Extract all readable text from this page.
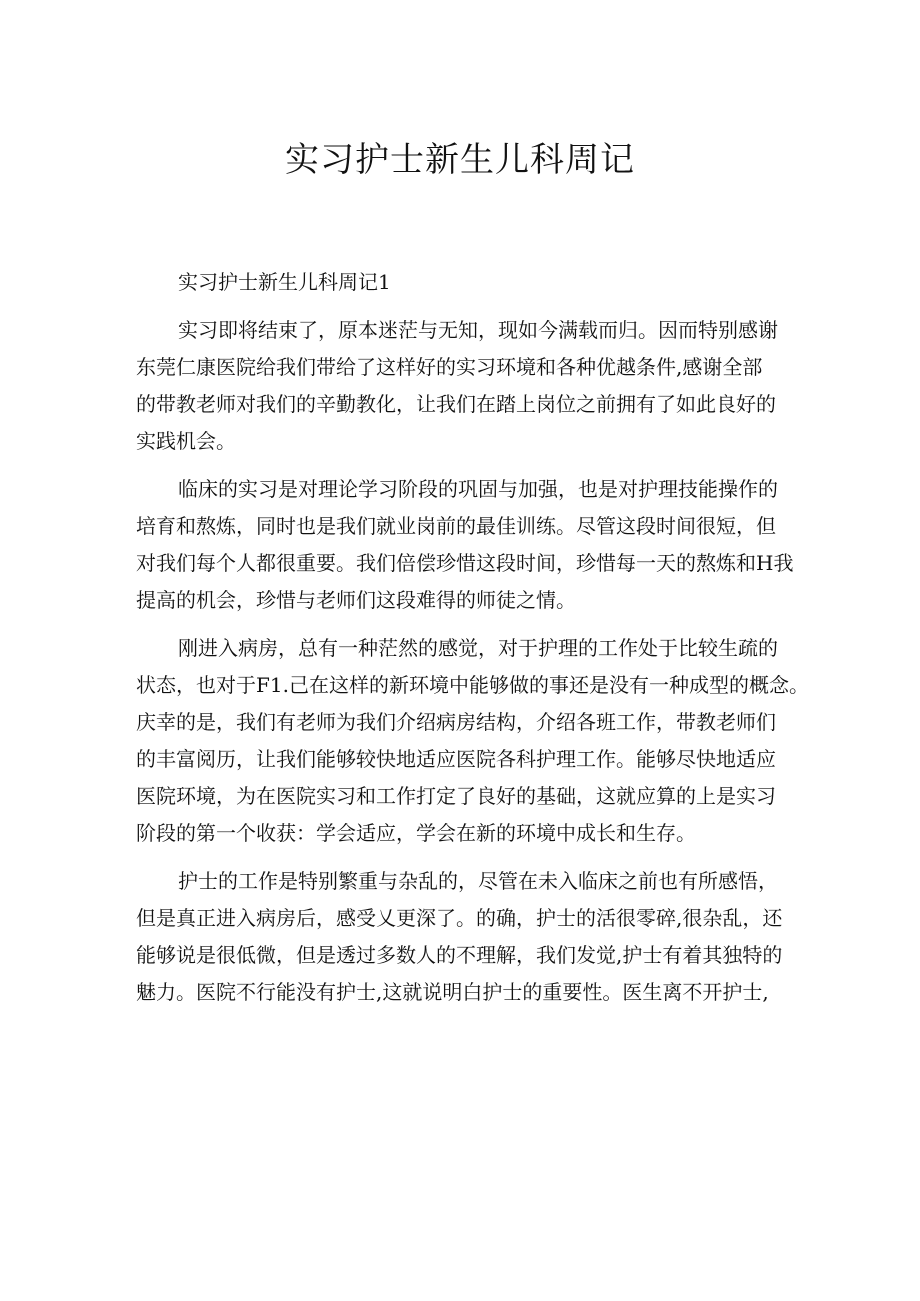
实习护士新生儿科周记

实习护士新生儿科周记1

实习即将结束了，原本迷茫与无知，现如今满载而归。因而特别感谢

东莞仁康医院给我们带给了这样好的实习环境和各种优越条件,感谢全部

的带教老师对我们的辛勤教化，让我们在踏上岗位之前拥有了如此良好的

实践机会。

临床的实习是对理论学习阶段的巩固与加强，也是对护理技能操作的

培育和熬炼，同时也是我们就业岗前的最佳训练。尽管这段时间很短，但

对我们每个人都很重要。我们倍偿珍惜这段时间，珍惜每一天的熬炼和H我

提高的机会，珍惜与老师们这段难得的师徒之情。

刚进入病房，总有一种茫然的感觉，对于护理的工作处于比较生疏的

状态，也对于F1.己在这样的新环境中能够做的事还是没有一种成型的概念。

庆幸的是，我们有老师为我们介绍病房结构，介绍各班工作，带教老师们

的丰富阅历，让我们能够较快地适应医院各科护理工作。能够尽快地适应

医院环境，为在医院实习和工作打定了良好的基础，这就应算的上是实习

阶段的第一个收获：学会适应，学会在新的环境中成长和生存。

护士的工作是特别繁重与杂乱的，尽管在未入临床之前也有所感悟，

但是真正进入病房后，感受乂更深了。的确，护士的活很零碎,很杂乱，还

能够说是很低微，但是透过多数人的不理解，我们发觉,护士有着其独特的

魅力。医院不行能没有护士,这就说明白护士的重要性。医生离不开护士,
